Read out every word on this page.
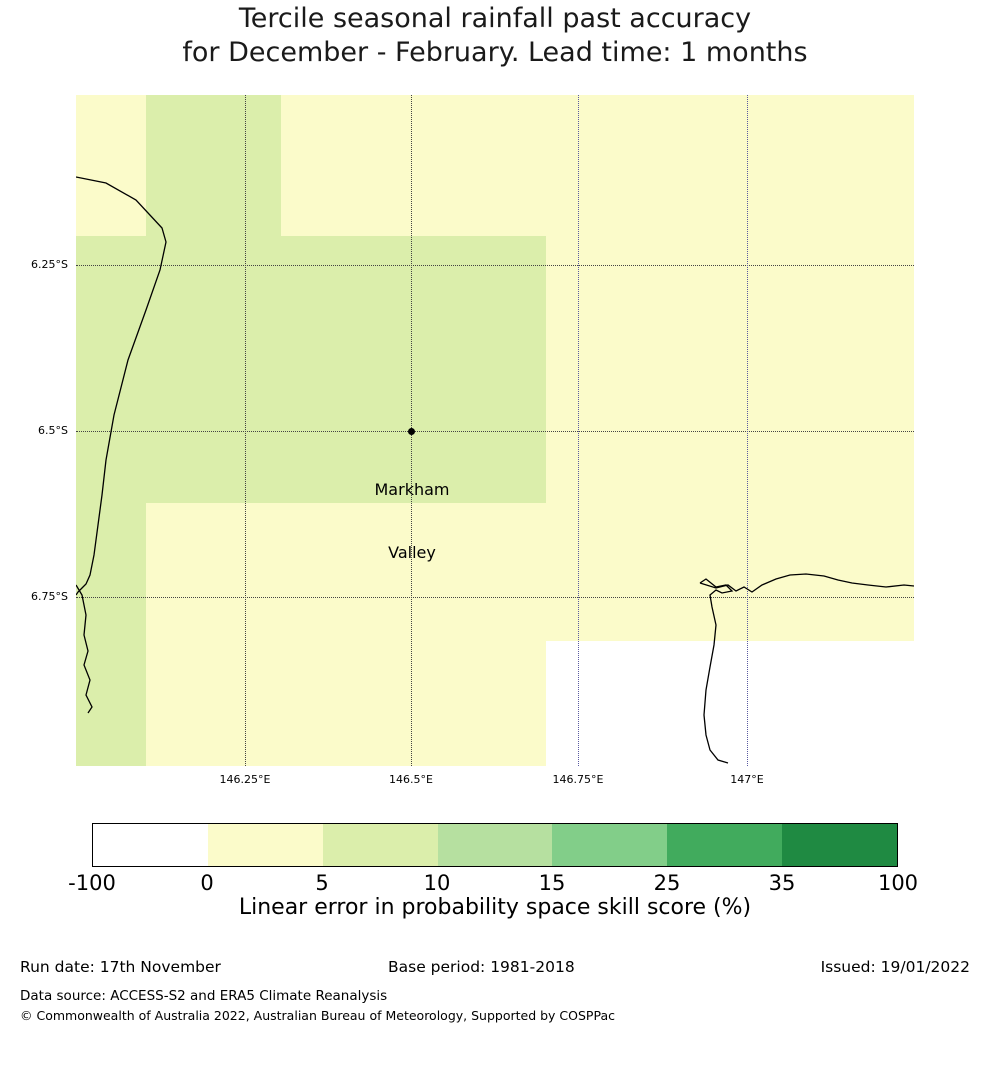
Tercile seasonal rainfall past accuracy
for December - February. Lead time: 1 months

Markham

Valley

6.25°S
6.5°S
6.75°S
146.25°E	146.5°E	146.75°E	147°E
-100	0	5	10	15	25	35	100
Linear error in probability space skill score (%)
Run date: 17th November	Base period: 1981-2018	Issued: 19/01/2022
Data source: ACCESS-S2 and ERA5 Climate Reanalysis
© Commonwealth of Australia 2022, Australian Bureau of Meteorology, Supported by COSPPac
